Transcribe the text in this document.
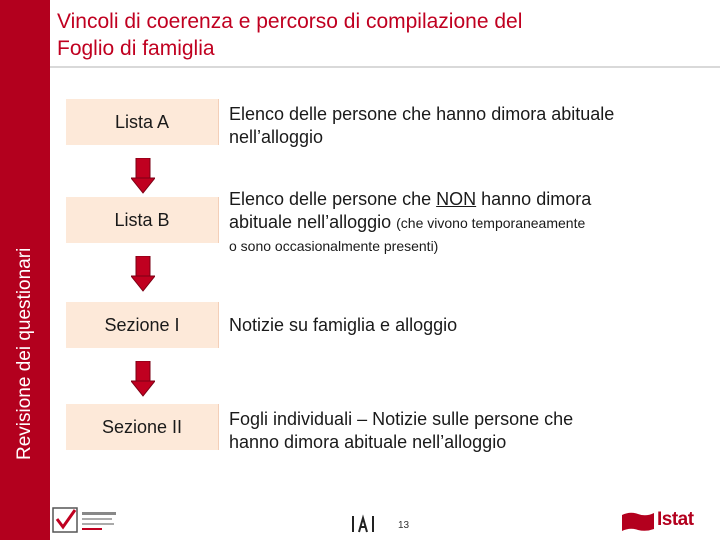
Revisione dei questionari
Vincoli di coerenza e percorso di compilazione del
Foglio di famiglia
Lista A	Elenco delle persone che hanno dimora abituale
nell’alloggio
Lista B
Elenco delle persone che NON hanno dimora
abituale nell’alloggio (che vivono temporaneamente
o sono occasionalmente presenti)
Sezione I	Notizie su famiglia e alloggio
Sezione II	Fogli individuali – Notizie sulle persone che
hanno dimora abituale nell’alloggio
13	Istat
